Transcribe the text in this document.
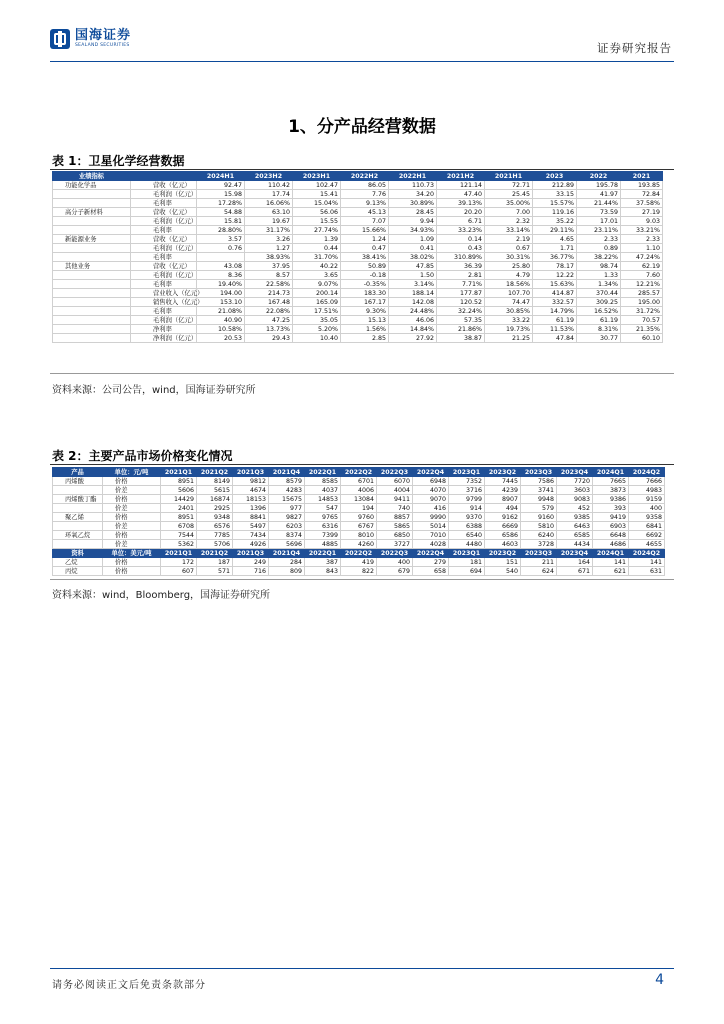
国海证券
SEALAND SECURITIES	证券研究报告
1、分产品经营数据
表 1：卫星化学经营数据
业绩指标		2024H1	2023H2	2023H1	2022H2	2022H1	2021H2	2021H1	2023	2022	2021
功能化学品	营收（亿元）	92.47	110.42	102.47	86.05	110.73	121.14	72.71	212.89	195.78	193.85
	毛利润（亿元）	15.98	17.74	15.41	7.76	34.20	47.40	25.45	33.15	41.97	72.84
	毛利率	17.28%	16.06%	15.04%	9.13%	30.89%	39.13%	35.00%	15.57%	21.44%	37.58%
高分子新材料	营收（亿元）	54.88	63.10	56.06	45.13	28.45	20.20	7.00	119.16	73.59	27.19
	毛利润（亿元）	15.81	19.67	15.55	7.07	9.94	6.71	2.32	35.22	17.01	9.03
	毛利率	28.80%	31.17%	27.74%	15.66%	34.93%	33.23%	33.14%	29.11%	23.11%	33.21%
新能源业务	营收（亿元）	3.57	3.26	1.39	1.24	1.09	0.14	2.19	4.65	2.33	2.33
	毛利润（亿元）	0.76	1.27	0.44	0.47	0.41	0.43	0.67	1.71	0.89	1.10
	毛利率		38.93%	31.70%	38.41%	38.02%	310.89%	30.31%	36.77%	38.22%	47.24%
其他业务	营收（亿元）	43.08	37.95	40.22	50.89	47.85	36.39	25.80	78.17	98.74	62.19
	毛利润（亿元）	8.36	8.57	3.65	-0.18	1.50	2.81	4.79	12.22	1.33	7.60
	毛利率	19.40%	22.58%	9.07%	-0.35%	3.14%	7.71%	18.56%	15.63%	1.34%	12.21%
	营业收入（亿元）	194.00	214.73	200.14	183.30	188.14	177.87	107.70	414.87	370.44	285.57
	销售收入（亿元）	153.10	167.48	165.09	167.17	142.08	120.52	74.47	332.57	309.25	195.00
	毛利率	21.08%	22.08%	17.51%	9.30%	24.48%	32.24%	30.85%	14.79%	16.52%	31.72%
	毛利润（亿元）	40.90	47.25	35.05	15.13	46.06	57.35	33.22	61.19	61.19	70.57
	净利率	10.58%	13.73%	5.20%	1.56%	14.84%	21.86%	19.73%	11.53%	8.31%	21.35%
	净利润（亿元）	20.53	29.43	10.40	2.85	27.92	38.87	21.25	47.84	30.77	60.10
资料来源：公司公告，wind，国海证券研究所
表 2：主要产品市场价格变化情况
产品	单位：元/吨	2021Q1	2021Q2	2021Q3	2021Q4	2022Q1	2022Q2	2022Q3	2022Q4	2023Q1	2023Q2	2023Q3	2023Q4	2024Q1	2024Q2
丙烯酸	价格	8951	8149	9812	8579	8585	6701	6070	6948	7352	7445	7586	7720	7665	7666
	价差	5606	5615	4674	4283	4037	4006	4004	4070	3716	4239	3741	3603	3873	4983
丙烯酸丁酯	价格	14429	16874	18153	15675	14853	13084	9411	9070	9799	8907	9948	9083	9386	9159
	价差	2401	2925	1396	977	547	194	740	416	914	494	579	452	393	400
聚乙烯	价格	8951	9348	8841	9827	9765	9760	8857	9990	9370	9162	9160	9385	9419	9358
	价差	6708	6576	5497	6203	6316	6767	5865	5014	6388	6669	5810	6463	6903	6841
环氧乙烷	价格	7544	7785	7434	8374	7399	8010	6850	7010	6540	6586	6240	6585	6648	6692
	价差	5362	5706	4926	5696	4885	4260	3727	4028	4480	4603	3728	4434	4686	4655
资料	单位：美元/吨	2021Q1	2021Q2	2021Q3	2021Q4	2022Q1	2022Q2	2022Q3	2022Q4	2023Q1	2023Q2	2023Q3	2023Q4	2024Q1	2024Q2
乙烷	价格	172	187	249	284	387	419	400	279	181	151	211	164	141	141
丙烷	价格	607	571	716	809	843	822	679	658	694	540	624	671	621	631
资料来源：wind，Bloomberg，国海证券研究所
请务必阅读正文后免责条款部分	4
